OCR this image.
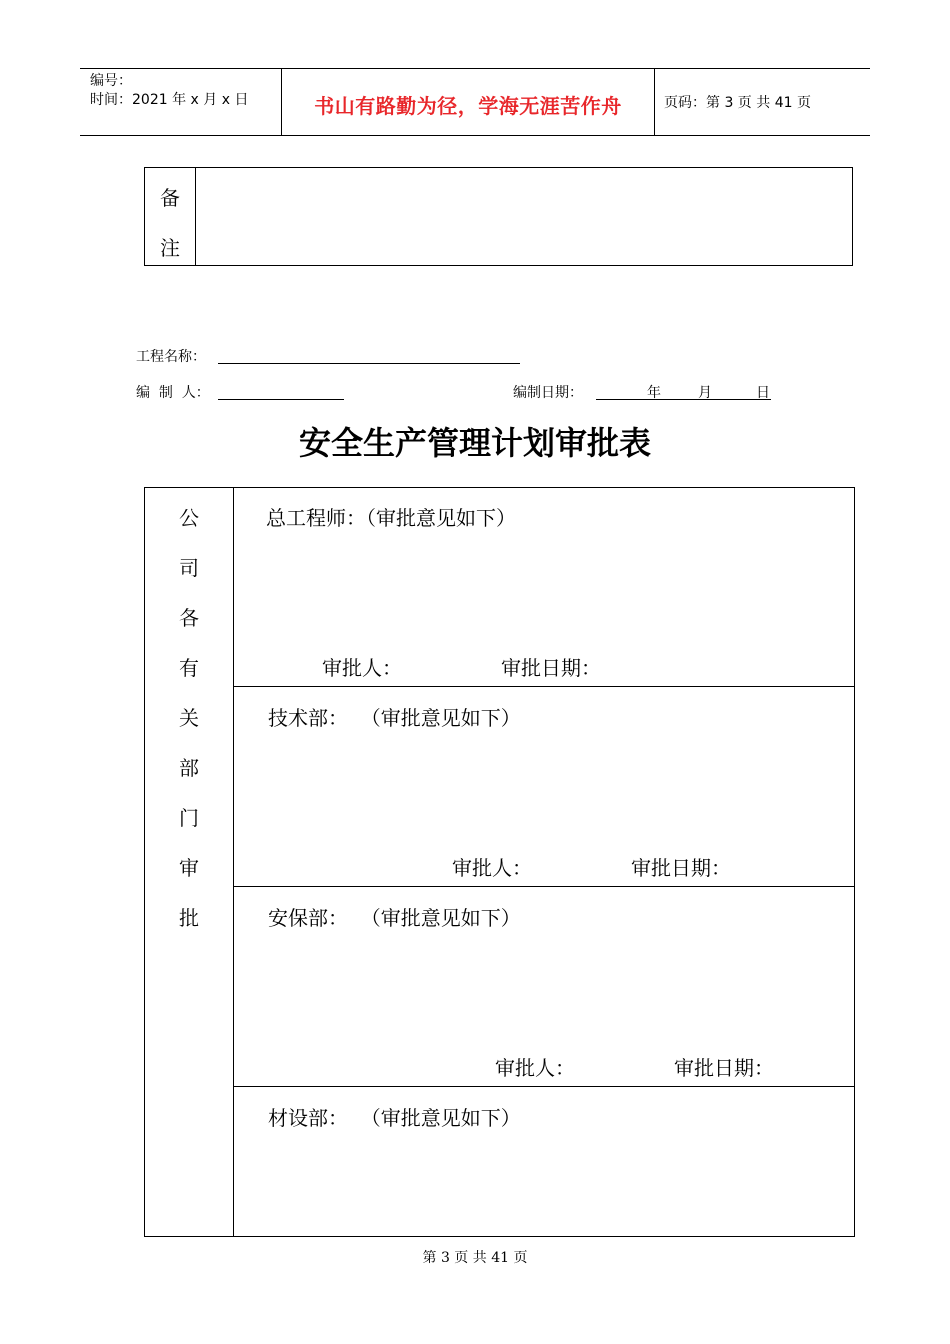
编号：
时间：2021 年 x 月 x 日	书山有路勤为径，学海无涯苦作舟	页码：第 3 页 共 41 页
备
注
工程名称：
编  制  人：	编制日期：	年	月	日
安全生产管理计划审批表
公
司
各
有
关
部
门
审
批
总工程师：（审批意见如下）
审批人：	审批日期：
技术部：  （审批意见如下）
审批人：	审批日期：
安保部：  （审批意见如下）
审批人：	审批日期：
材设部：  （审批意见如下）
第 3 页 共 41 页
